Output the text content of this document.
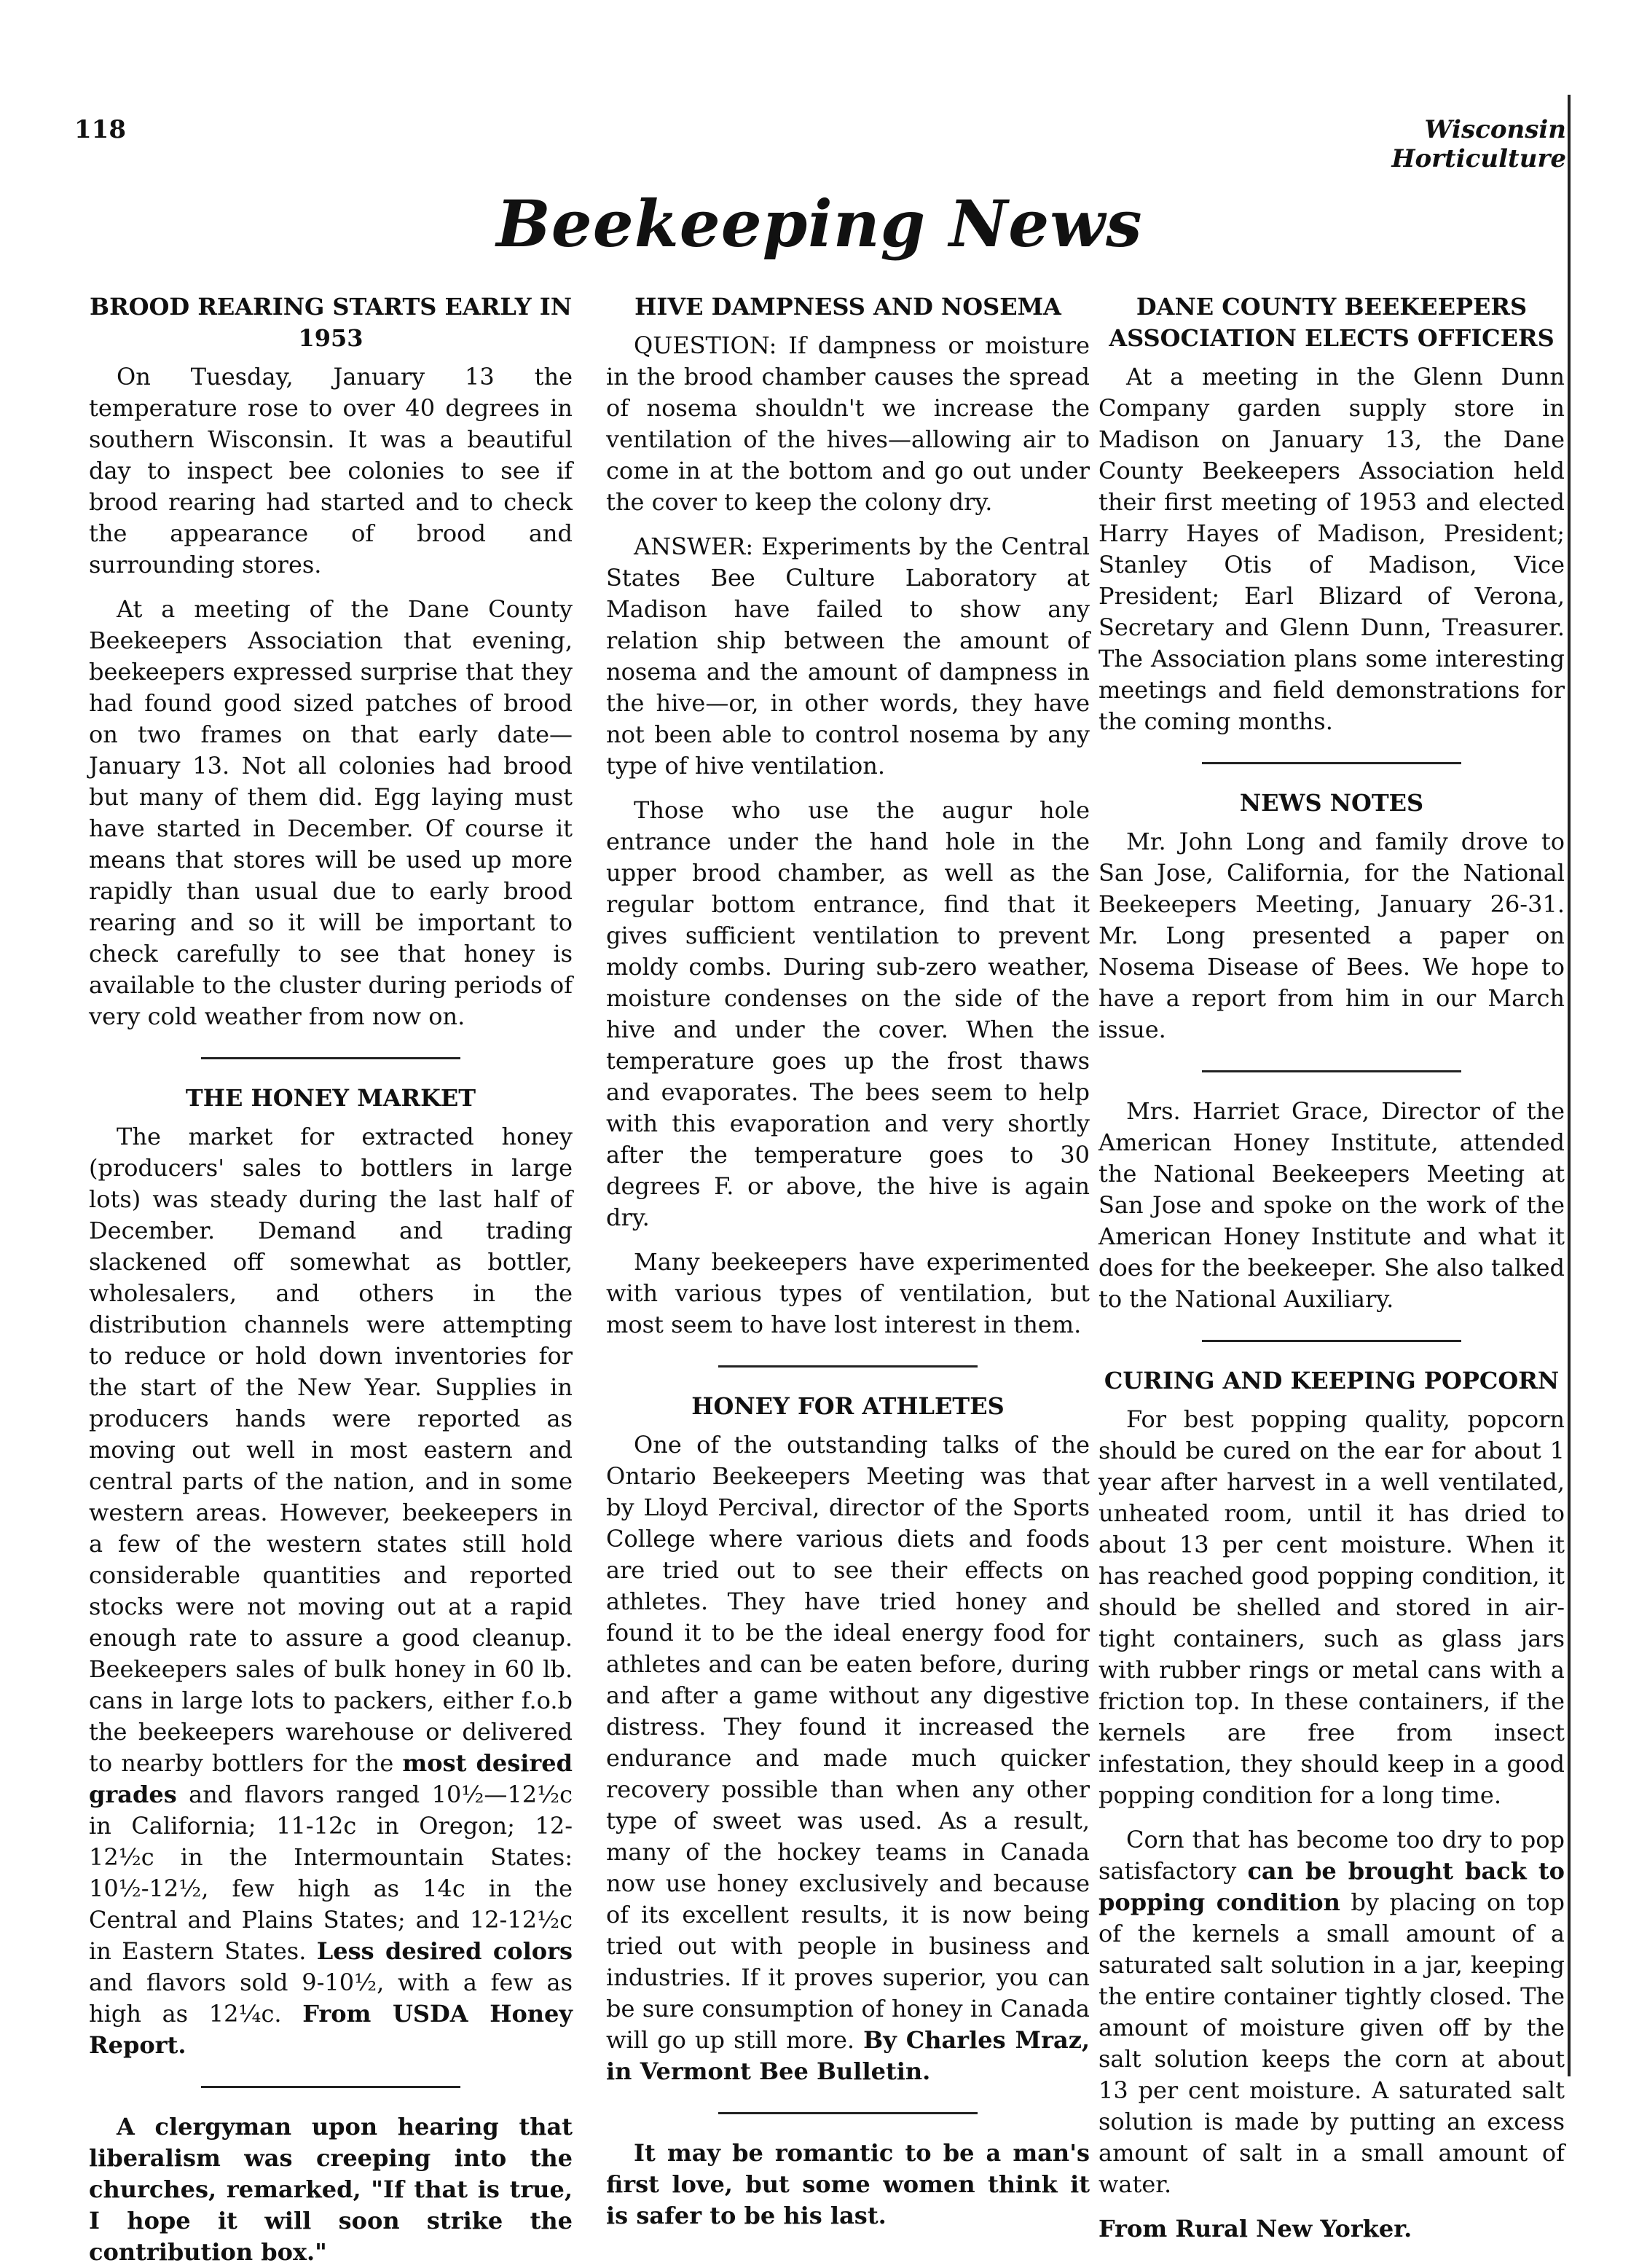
118	Wisconsin Horticulture
Beekeeping News
BROOD REARING STARTS EARLY IN 1953

On Tuesday, January 13 the temperature rose to over 40 degrees in southern Wisconsin. It was a beautiful day to inspect bee colonies to see if brood rearing had started and to check the appearance of brood and surrounding stores.

At a meeting of the Dane County Beekeepers Association that evening, beekeepers expressed surprise that they had found good sized patches of brood on two frames on that early date—January 13. Not all colonies had brood but many of them did. Egg laying must have started in December. Of course it means that stores will be used up more rapidly than usual due to early brood rearing and so it will be important to check carefully to see that honey is available to the cluster during periods of very cold weather from now on.

THE HONEY MARKET

The market for extracted honey (producers' sales to bottlers in large lots) was steady during the last half of December. Demand and trading slackened off somewhat as bottler, wholesalers, and others in the distribution channels were attempting to reduce or hold down inventories for the start of the New Year. Supplies in producers hands were reported as moving out well in most eastern and central parts of the nation, and in some western areas. However, beekeepers in a few of the western states still hold considerable quantities and reported stocks were not moving out at a rapid enough rate to assure a good cleanup. Beekeepers sales of bulk honey in 60 lb. cans in large lots to packers, either f.o.b the beekeepers warehouse or delivered to nearby bottlers for the most desired grades and flavors ranged 10½—12½c in California; 11-12c in Oregon; 12-12½c in the Intermountain States: 10½-12½, few high as 14c in the Central and Plains States; and 12-12½c in Eastern States. Less desired colors and flavors sold 9-10½, with a few as high as 12¼c. From USDA Honey Report.

A clergyman upon hearing that liberalism was creeping into the churches, remarked, "If that is true, I hope it will soon strike the contribution box."

HIVE DAMPNESS AND NOSEMA

QUESTION: If dampness or moisture in the brood chamber causes the spread of nosema shouldn't we increase the ventilation of the hives—allowing air to come in at the bottom and go out under the cover to keep the colony dry.

ANSWER: Experiments by the Central States Bee Culture Laboratory at Madison have failed to show any relation ship between the amount of nosema and the amount of dampness in the hive—or, in other words, they have not been able to control nosema by any type of hive ventilation.

Those who use the augur hole entrance under the hand hole in the upper brood chamber, as well as the regular bottom entrance, find that it gives sufficient ventilation to prevent moldy combs. During sub-zero weather, moisture condenses on the side of the hive and under the cover. When the temperature goes up the frost thaws and evaporates. The bees seem to help with this evaporation and very shortly after the temperature goes to 30 degrees F. or above, the hive is again dry.

Many beekeepers have experimented with various types of ventilation, but most seem to have lost interest in them.

HONEY FOR ATHLETES

One of the outstanding talks of the Ontario Beekeepers Meeting was that by Lloyd Percival, director of the Sports College where various diets and foods are tried out to see their effects on athletes. They have tried honey and found it to be the ideal energy food for athletes and can be eaten before, during and after a game without any digestive distress. They found it increased the endurance and made much quicker recovery possible than when any other type of sweet was used. As a result, many of the hockey teams in Canada now use honey exclusively and because of its excellent results, it is now being tried out with people in business and industries. If it proves superior, you can be sure consumption of honey in Canada will go up still more. By Charles Mraz, in Vermont Bee Bulletin.

It may be romantic to be a man's first love, but some women think it is safer to be his last.

DANE COUNTY BEEKEEPERS ASSOCIATION ELECTS OFFICERS

At a meeting in the Glenn Dunn Company garden supply store in Madison on January 13, the Dane County Beekeepers Association held their first meeting of 1953 and elected Harry Hayes of Madison, President; Stanley Otis of Madison, Vice President; Earl Blizard of Verona, Secretary and Glenn Dunn, Treasurer. The Association plans some interesting meetings and field demonstrations for the coming months.

NEWS NOTES

Mr. John Long and family drove to San Jose, California, for the National Beekeepers Meeting, January 26-31. Mr. Long presented a paper on Nosema Disease of Bees. We hope to have a report from him in our March issue.

Mrs. Harriet Grace, Director of the American Honey Institute, attended the National Beekeepers Meeting at San Jose and spoke on the work of the American Honey Institute and what it does for the beekeeper. She also talked to the National Auxiliary.

CURING AND KEEPING POPCORN

For best popping quality, popcorn should be cured on the ear for about 1 year after harvest in a well ventilated, unheated room, until it has dried to about 13 per cent moisture. When it has reached good popping condition, it should be shelled and stored in air-tight containers, such as glass jars with rubber rings or metal cans with a friction top. In these containers, if the kernels are free from insect infestation, they should keep in a good popping condition for a long time.

Corn that has become too dry to pop satisfactory can be brought back to popping condition by placing on top of the kernels a small amount of a saturated salt solution in a jar, keeping the entire container tightly closed. The amount of moisture given off by the salt solution keeps the corn at about 13 per cent moisture. A saturated salt solution is made by putting an excess amount of salt in a small amount of water.

From Rural New Yorker.
